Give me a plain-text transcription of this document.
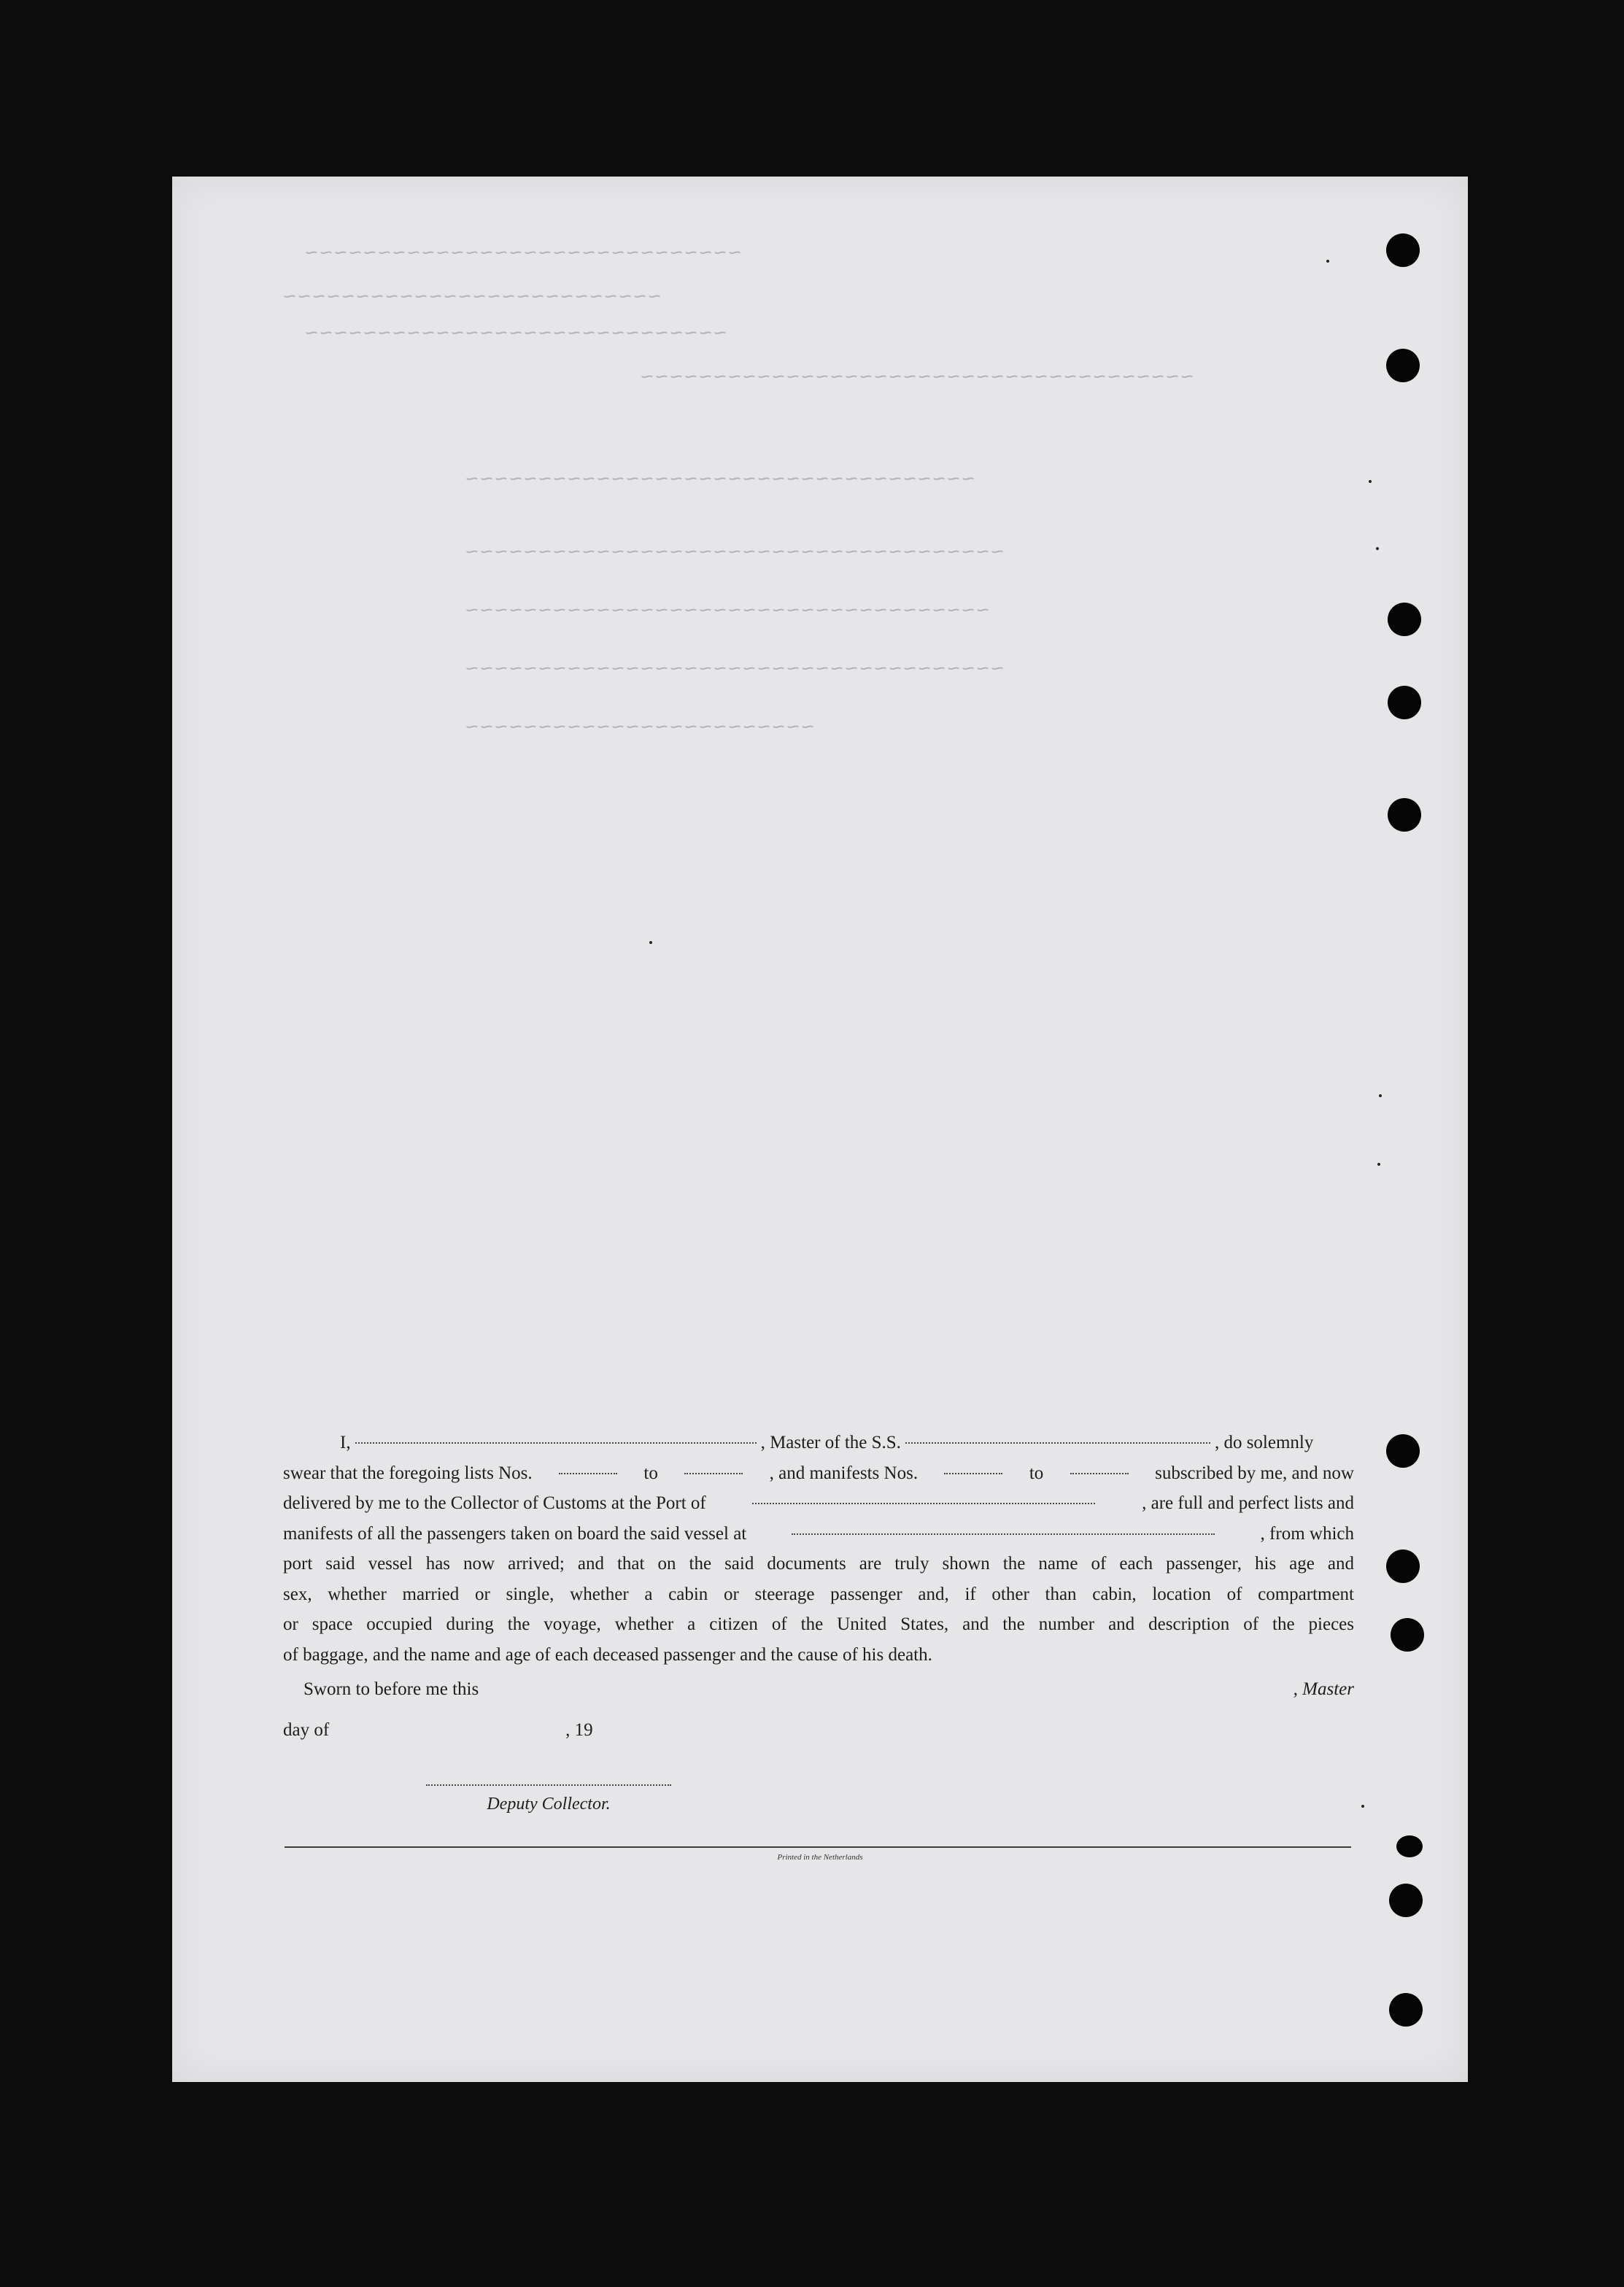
~~~~~~~~~~~~~~~~~~~~~~~~~~~~~~
~~~~~~~~~~~~~~~~~~~~~~~~~~
~~~~~~~~~~~~~~~~~~~~~~~~~~~~~
~~~~~~~~~~~~~~~~~~~~~~~~~~~~~~~~~~~~~~
~~~~~~~~~~~~~~~~~~~~~~~~~~~~~~~~~~~
~~~~~~~~~~~~~~~~~~~~~~~~~~~~~~~~~~~~~
~~~~~~~~~~~~~~~~~~~~~~~~~~~~~~~~~~~~
~~~~~~~~~~~~~~~~~~~~~~~~~~~~~~~~~~~~~
~~~~~~~~~~~~~~~~~~~~~~~~
I,	, Master of the S.S.	, do solemnly
swear that the foregoing lists Nos.	to	, and manifests Nos.	to	subscribed by me, and now
delivered by me to the Collector of Customs at the Port of	, are full and perfect lists and
manifests of all the passengers taken on board the said vessel at	, from which
port said vessel has now arrived; and that on the said documents are truly shown the name of each passenger, his age and
sex, whether married or single, whether a cabin or steerage passenger and, if other than cabin, location of compartment
or space occupied during the voyage, whether a citizen of the United States, and the number and description of the pieces
of baggage, and the name and age of each deceased passenger and the cause of his death.
Sworn to before me this	, Master
day of	, 19
Deputy Collector.
Printed in the Netherlands
